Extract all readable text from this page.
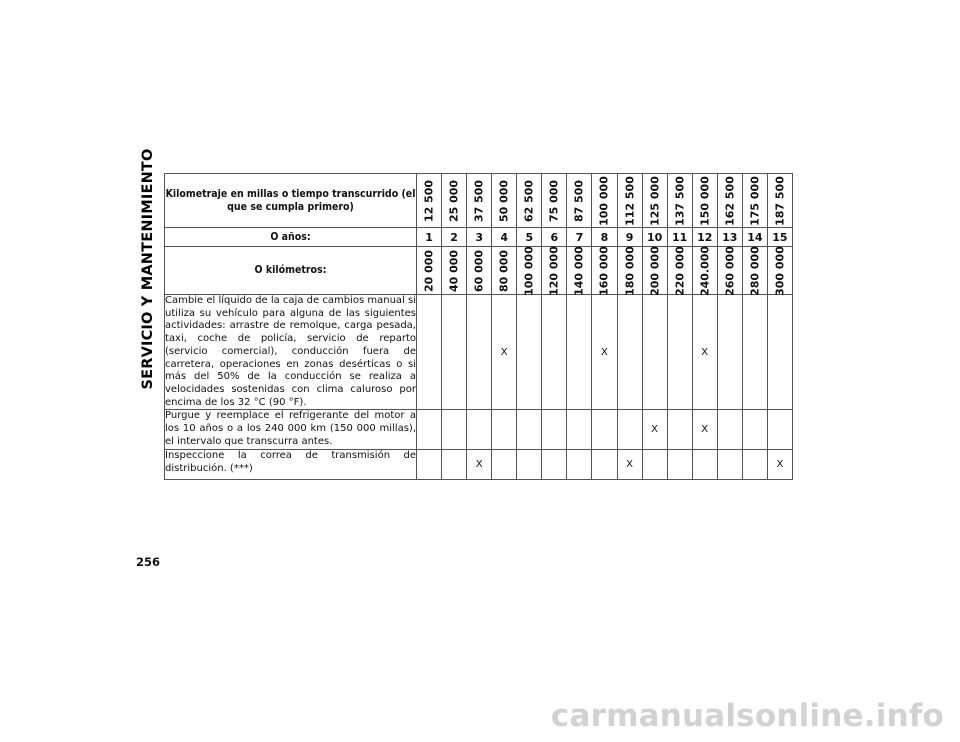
SERVICIO Y MANTENIMIENTO Kilometraje en millas o tiempo transcurrido (el que se cumpla primero)	12 500	25 000	37 500	50 000	62 500	75 000	87 500	100 000	112 500	125 000	137 500	150 000	162 500	175 000	187 500

O años:	1	2	3	4	5	6	7	8	9	10	11	12	13	14	15
O kilómetros:	20 000	40 000	60 000	80 000	100 000	120 000	140 000	160 000	180 000	200 000	220 000	240.000	260 000	280 000	300 000

Cambie el líquido de la caja de cambios manual si utiliza su vehículo para alguna de las siguientes actividades: arrastre de remolque, carga pesada, taxi, coche de policía, servicio de reparto (servicio comercial), conducción fuera de carretera, operaciones en zonas desérticas o si más del 50% de la conducción se realiza a velocidades sostenidas con clima caluroso por encima de los 32 °C (90 °F).				X				X				X			
Purgue y reemplace el refrigerante del motor a los 10 años o a los 240 000 km (150 000 millas), el intervalo que transcurra antes.										X		X			
Inspeccione la correa de transmisión de distribución. (***)			X						X						X
256
carmanualsonline.info
